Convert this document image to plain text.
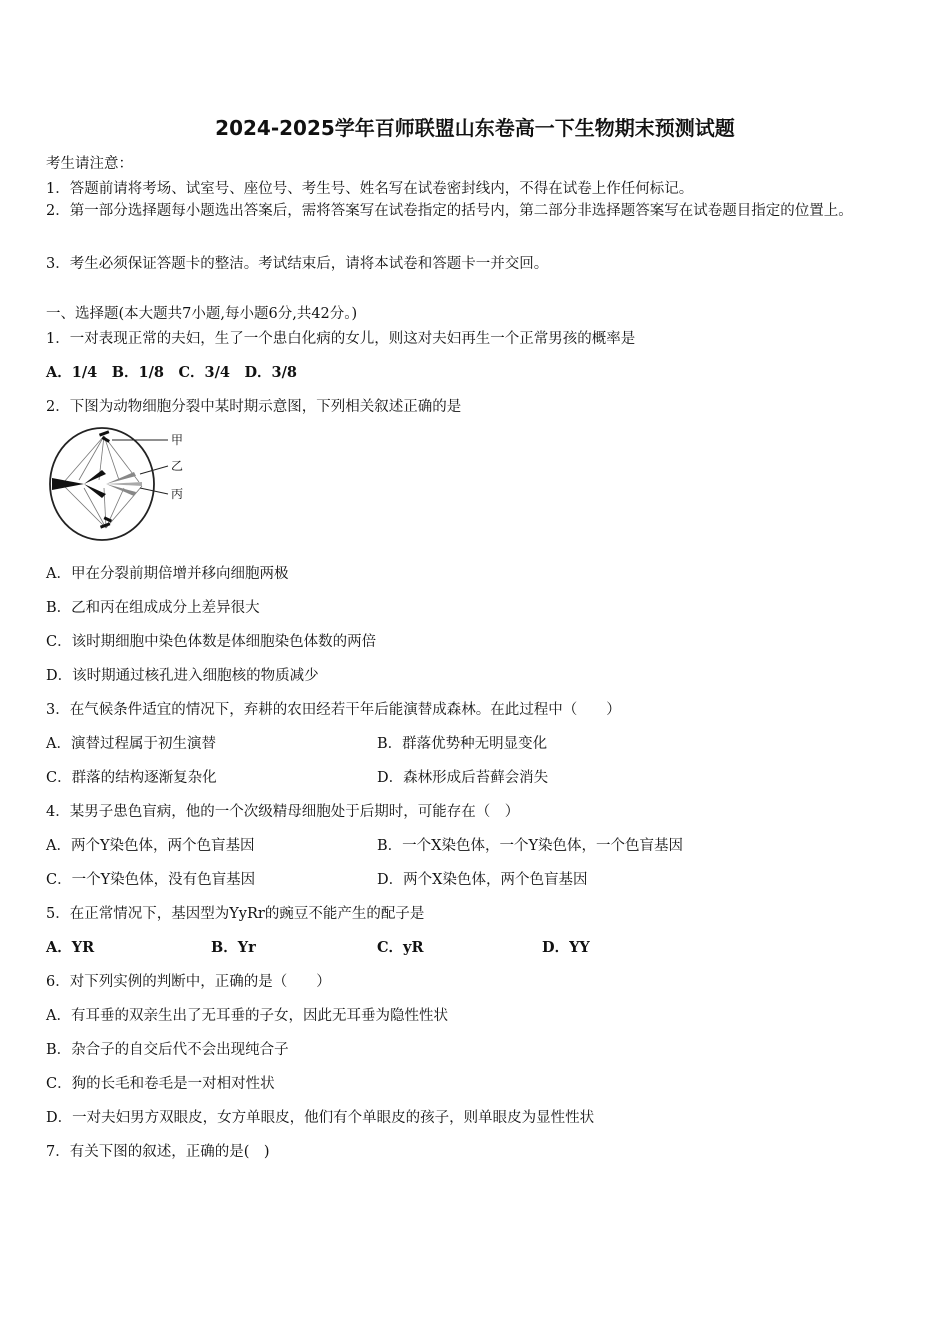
2024-2025学年百师联盟山东卷高一下生物期末预测试题
考生请注意：
1．答题前请将考场、试室号、座位号、考生号、姓名写在试卷密封线内，不得在试卷上作任何标记。
2．第一部分选择题每小题选出答案后，需将答案写在试卷指定的括号内，第二部分非选择题答案写在试卷题目指定的位置上。
3．考生必须保证答题卡的整洁。考试结束后，请将本试卷和答题卡一并交回。
一、选择题(本大题共7小题,每小题6分,共42分。)
1．一对表现正常的夫妇，生了一个患白化病的女儿，则这对夫妇再生一个正常男孩的概率是
A．1/4　B．1/8　C．3/4　D．3/8
2．下图为动物细胞分裂中某时期示意图，下列相关叙述正确的是
甲
乙
丙
A．甲在分裂前期倍增并移向细胞两极
B．乙和丙在组成成分上差异很大
C．该时期细胞中染色体数是体细胞染色体数的两倍
D．该时期通过核孔进入细胞核的物质减少
3．在气候条件适宜的情况下，弃耕的农田经若干年后能演替成森林。在此过程中（　　）
A．演替过程属于初生演替	B．群落优势种无明显变化
C．群落的结构逐渐复杂化	D．森林形成后苔藓会消失
4．某男子患色盲病，他的一个次级精母细胞处于后期时，可能存在（　）
A．两个Y染色体，两个色盲基因	B．一个X染色体，一个Y染色体，一个色盲基因
C．一个Y染色体，没有色盲基因	D．两个X染色体，两个色盲基因
5．在正常情况下，基因型为YyRr的豌豆不能产生的配子是
A．YR	B．Yr	C．yR	D．YY
6．对下列实例的判断中，正确的是（　　）
A．有耳垂的双亲生出了无耳垂的子女，因此无耳垂为隐性性状
B．杂合子的自交后代不会出现纯合子
C．狗的长毛和卷毛是一对相对性状
D．一对夫妇男方双眼皮，女方单眼皮，他们有个单眼皮的孩子，则单眼皮为显性性状
7．有关下图的叙述，正确的是(　)
